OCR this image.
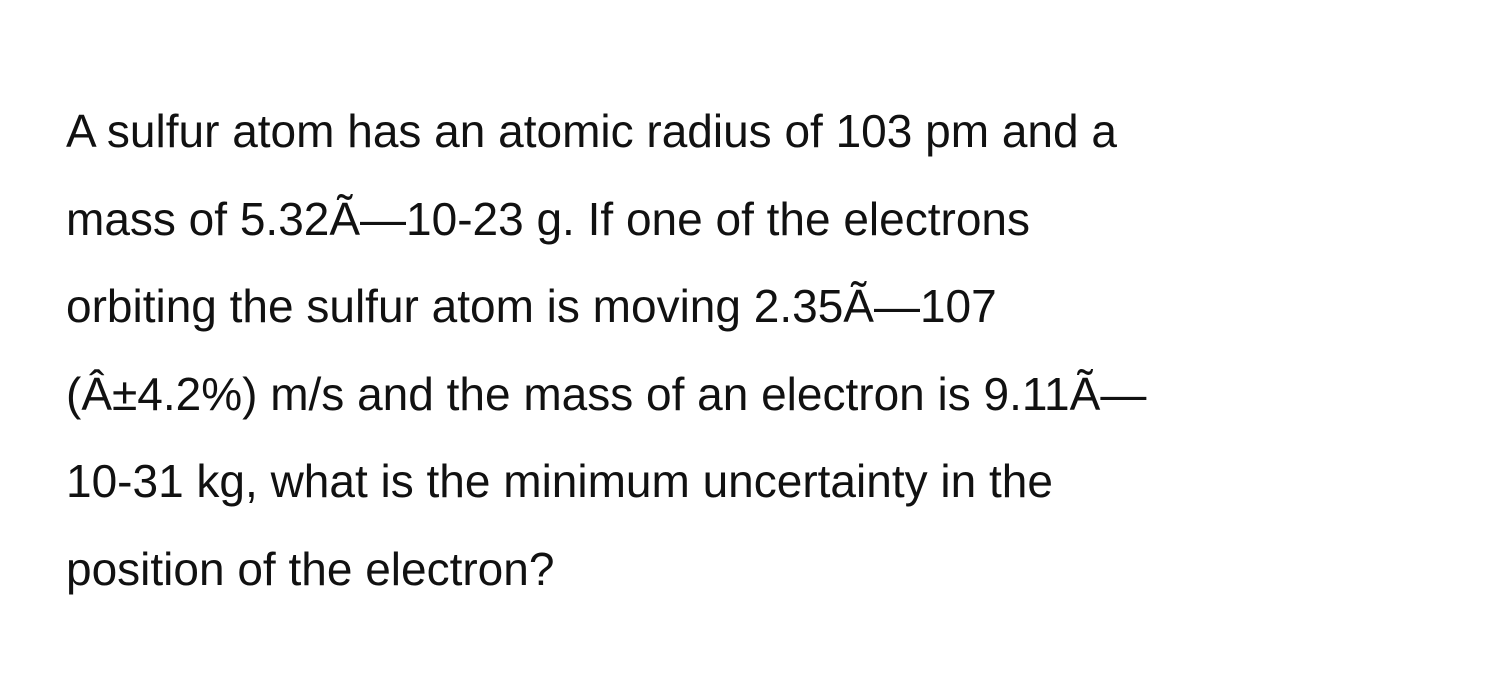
A sulfur atom has an atomic radius of 103 pm and a
mass of 5.32Ã—10-23 g. If one of the electrons
orbiting the sulfur atom is moving 2.35Ã—107
(Â±4.2%) m/s and the mass of an electron is 9.11Ã—
10-31 kg, what is the minimum uncertainty in the
position of the electron?
